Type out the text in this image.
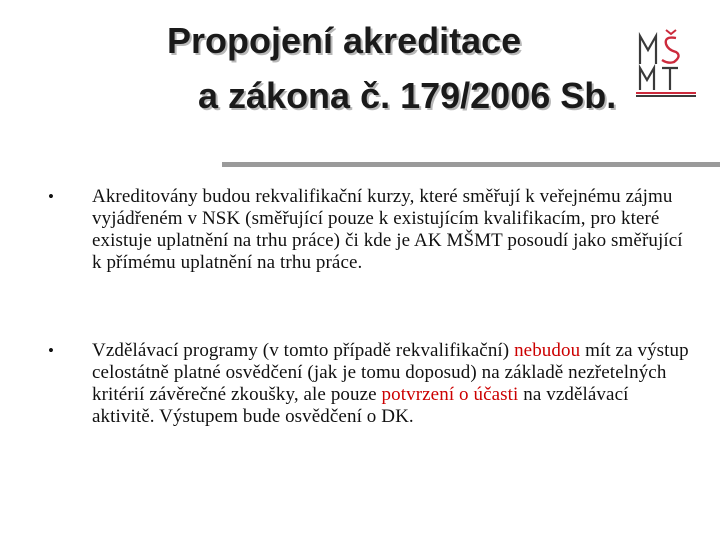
Propojení akreditace
a zákona č. 179/2006 Sb.
• Akreditovány budou rekvalifikační kurzy, které směřují k veřejnému zájmu vyjádřeném v NSK (směřující pouze k existujícím kvalifikacím, pro které existuje uplatnění na trhu práce) či kde je AK MŠMT posoudí jako směřující k přímému uplatnění na trhu práce.
• Vzdělávací programy (v tomto případě rekvalifikační) nebudou mít za výstup celostátně platné osvědčení (jak je tomu doposud) na základě nezřetelných kritérií závěrečné zkoušky, ale pouze potvrzení o účasti na vzdělávací aktivitě. Výstupem bude osvědčení o DK.
